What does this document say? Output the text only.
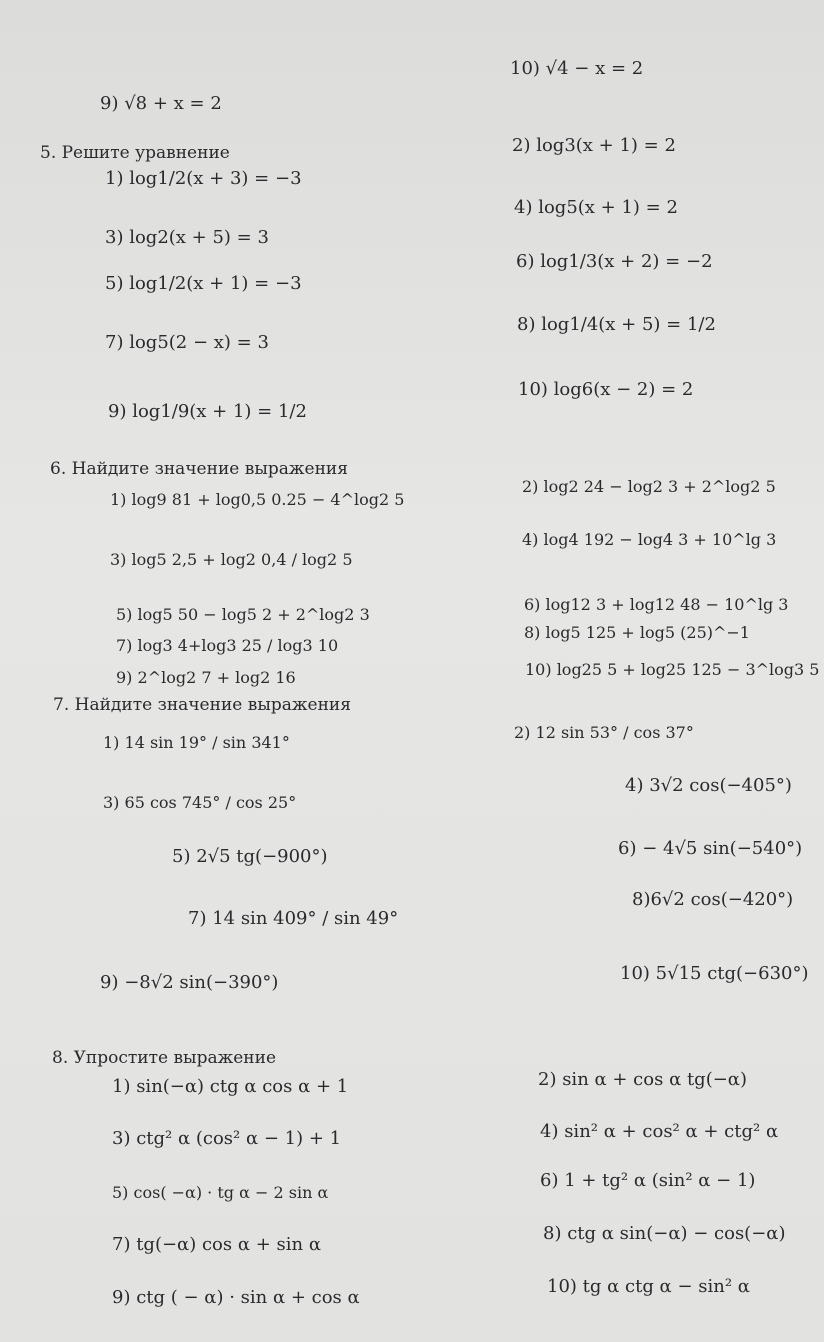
9) √8 + x = 2
10) √4 − x = 2
5. Решите уравнение
1) log1/2(x + 3) = −3
2) log3(x + 1) = 2
3) log2(x + 5) = 3
4) log5(x + 1) = 2
5) log1/2(x + 1) = −3
6) log1/3(x + 2) = −2
7) log5(2 − x) = 3
8) log1/4(x + 5) = 1/2
9) log1/9(x + 1) = 1/2
10) log6(x − 2) = 2
6. Найдите значение выражения
1) log9 81 + log0,5 0.25 − 4^log2 5
2) log2 24 − log2 3 + 2^log2 5
3) log5 2,5 + log2 0,4 / log2 5
4) log4 192 − log4 3 + 10^lg 3
5) log5 50 − log5 2 + 2^log2 3
6) log12 3 + log12 48 − 10^lg 3
7) log3 4+log3 25 / log3 10
8) log5 125 + log5 (25)^−1
9) 2^log2 7 + log2 16	10) log25 5 + log25 125 − 3^log3 5
7. Найдите значение выражения
1) 14 sin 19° / sin 341°
2) 12 sin 53° / cos 37°
3) 65 cos 745° / cos 25°
4) 3√2 cos(−405°)
5) 2√5 tg(−900°)	6) − 4√5 sin(−540°)
7) 14 sin 409° / sin 49°
8)6√2 cos(−420°)
9) −8√2 sin(−390°)	10) 5√15 ctg(−630°)
8. Упростите выражение
1) sin(−α) ctg α cos α + 1	2) sin α + cos α tg(−α)
3) ctg² α (cos² α − 1) + 1	4) sin² α + cos² α + ctg² α
5) cos( −α) · tg α − 2 sin α
6) 1 + tg² α (sin² α − 1)
7) tg(−α) cos α + sin α
8) ctg α sin(−α) − cos(−α)
9) ctg ( − α) · sin α + cos α
10) tg α ctg α − sin² α
